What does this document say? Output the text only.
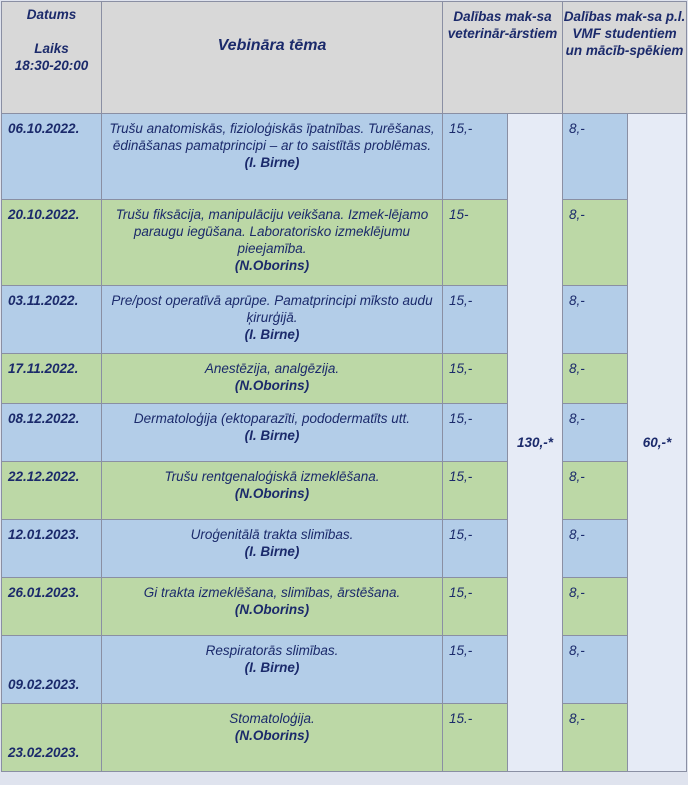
Datums
Laiks
18:30-20:00	Vebināra tēma	Dalības mak-sa veterinār-ārstiem		Dalības mak-sa p.l. VMF studentiem un mācīb-spēkiem	
06.10.2022.	Trušu anatomiskās, fizioloģiskās īpatnības. Turēšanas, ēdināšanas pamatprincipi – ar to saistītās problēmas.
(I. Birne)	15,-	130,-*	8,-	60,-*
20.10.2022.	Trušu fiksācija, manipulāciju veikšana. Izmek-lējamo paraugu iegūšana. Laboratorisko izmeklējumu pieejamība.
(N.Oborins)	15-		8,-	
03.11.2022.	Pre/post operatīvā aprūpe. Pamatprincipi mīksto audu ķirurģijā.
(I. Birne)	15,-		8,-	
17.11.2022.	Anestēzija, analgēzija.
(N.Oborins)	15,-		8,-	
08.12.2022.	Dermatoloģija (ektoparazīti, pododermatīts utt.
(I. Birne)	15,-		8,-	
22.12.2022.	Trušu rentgenaloģiskā izmeklēšana.
(N.Oborins)	15,-		8,-	
12.01.2023.	Uroģenitālā trakta slimības.
(I. Birne)	15,-		8,-	
26.01.2023.	Gi trakta izmeklēšana, slimības, ārstēšana.
(N.Oborins)	15,-		8,-	
09.02.2023.	Respiratorās slimības.
(I. Birne)	15,-		8,-	
23.02.2023.	Stomatoloģija.
(N.Oborins)	15.-		8,-	
